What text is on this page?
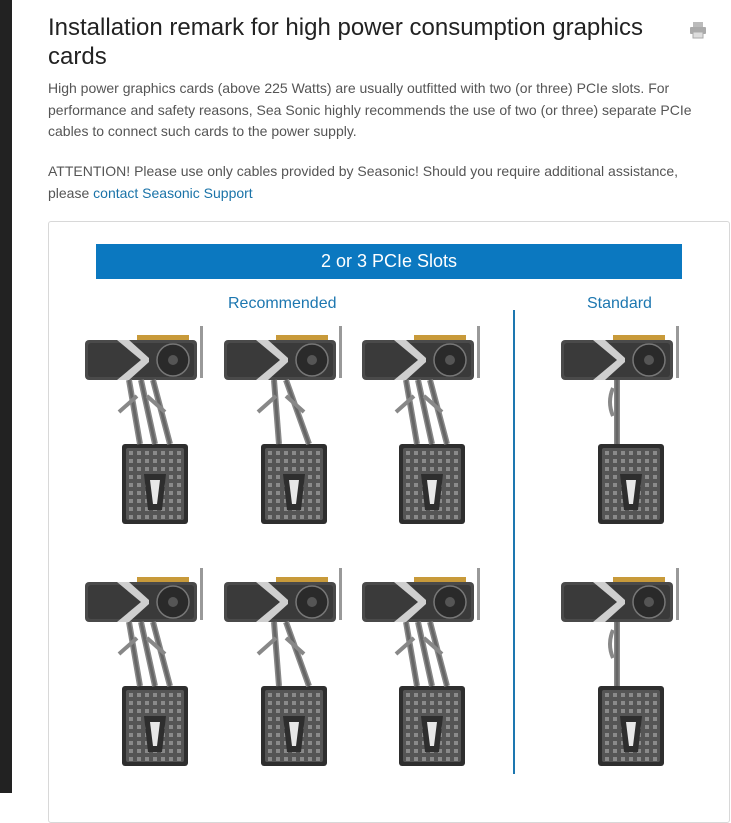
Installation remark for high power consumption graphics cards

High power graphics cards (above 225 Watts) are usually outfitted with two (or three) PCIe slots. For performance and safety reasons, Sea Sonic highly recommends the use of two (or three) separate PCIe cables to connect such cards to the power supply.

ATTENTION! Please use only cables provided by Seasonic! Should you require additional assistance, please contact Seasonic Support

2 or 3 PCIe Slots
Recommended	Standard
